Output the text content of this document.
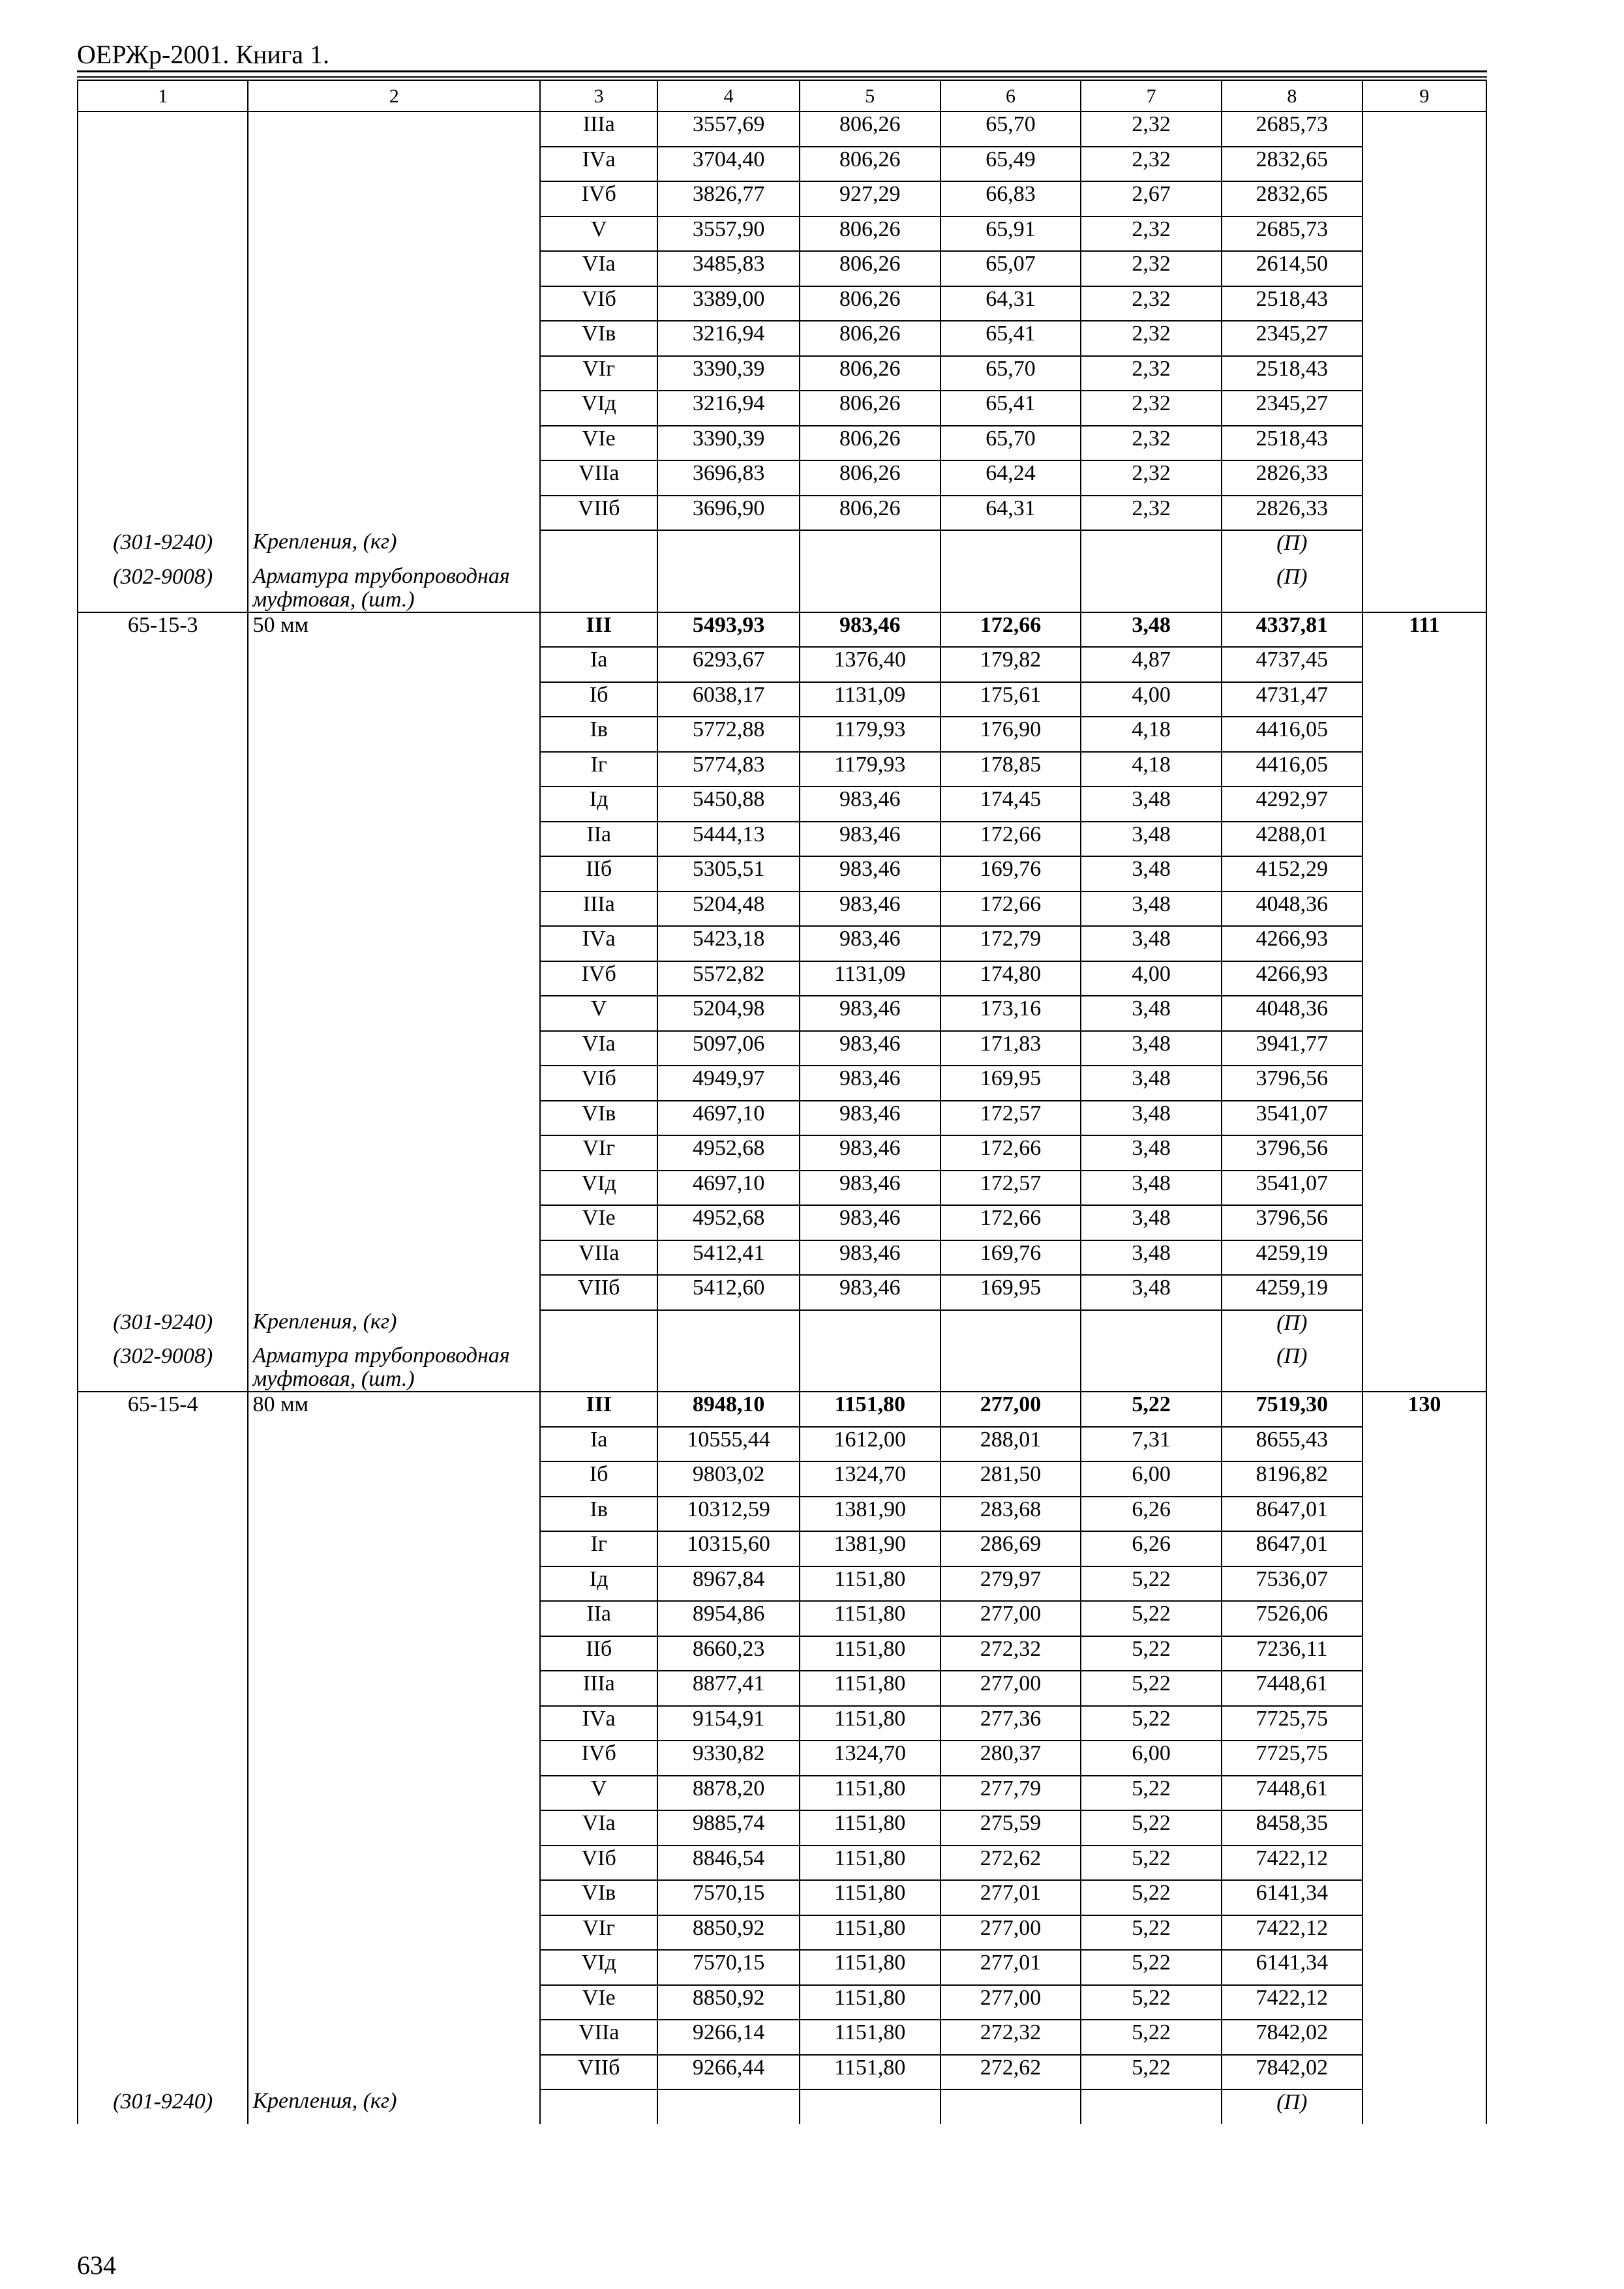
ОЕРЖр-2001. Книга 1.
1	2	3	4	5	6	7	8	9
		IIIа	3557,69	806,26	65,70	2,32	2685,73	
		IVа	3704,40	806,26	65,49	2,32	2832,65	
		IVб	3826,77	927,29	66,83	2,67	2832,65	
		V	3557,90	806,26	65,91	2,32	2685,73	
		VIа	3485,83	806,26	65,07	2,32	2614,50	
		VIб	3389,00	806,26	64,31	2,32	2518,43	
		VIв	3216,94	806,26	65,41	2,32	2345,27	
		VIг	3390,39	806,26	65,70	2,32	2518,43	
		VIд	3216,94	806,26	65,41	2,32	2345,27	
		VIе	3390,39	806,26	65,70	2,32	2518,43	
		VIIа	3696,83	806,26	64,24	2,32	2826,33	
		VIIб	3696,90	806,26	64,31	2,32	2826,33	
(301-9240)	Крепления, (кг)						(П)	
(302-9008)	Арматура трубопроводная муфтовая, (шт.)						(П)	
65-15-3	50 мм	III	5493,93	983,46	172,66	3,48	4337,81	111
		Iа	6293,67	1376,40	179,82	4,87	4737,45	
		Iб	6038,17	1131,09	175,61	4,00	4731,47	
		Iв	5772,88	1179,93	176,90	4,18	4416,05	
		Iг	5774,83	1179,93	178,85	4,18	4416,05	
		Iд	5450,88	983,46	174,45	3,48	4292,97	
		IIа	5444,13	983,46	172,66	3,48	4288,01	
		IIб	5305,51	983,46	169,76	3,48	4152,29	
		IIIа	5204,48	983,46	172,66	3,48	4048,36	
		IVа	5423,18	983,46	172,79	3,48	4266,93	
		IVб	5572,82	1131,09	174,80	4,00	4266,93	
		V	5204,98	983,46	173,16	3,48	4048,36	
		VIа	5097,06	983,46	171,83	3,48	3941,77	
		VIб	4949,97	983,46	169,95	3,48	3796,56	
		VIв	4697,10	983,46	172,57	3,48	3541,07	
		VIг	4952,68	983,46	172,66	3,48	3796,56	
		VIд	4697,10	983,46	172,57	3,48	3541,07	
		VIе	4952,68	983,46	172,66	3,48	3796,56	
		VIIа	5412,41	983,46	169,76	3,48	4259,19	
		VIIб	5412,60	983,46	169,95	3,48	4259,19	
(301-9240)	Крепления, (кг)						(П)	
(302-9008)	Арматура трубопроводная муфтовая, (шт.)						(П)	
65-15-4	80 мм	III	8948,10	1151,80	277,00	5,22	7519,30	130
		Iа	10555,44	1612,00	288,01	7,31	8655,43	
		Iб	9803,02	1324,70	281,50	6,00	8196,82	
		Iв	10312,59	1381,90	283,68	6,26	8647,01	
		Iг	10315,60	1381,90	286,69	6,26	8647,01	
		Iд	8967,84	1151,80	279,97	5,22	7536,07	
		IIа	8954,86	1151,80	277,00	5,22	7526,06	
		IIб	8660,23	1151,80	272,32	5,22	7236,11	
		IIIа	8877,41	1151,80	277,00	5,22	7448,61	
		IVа	9154,91	1151,80	277,36	5,22	7725,75	
		IVб	9330,82	1324,70	280,37	6,00	7725,75	
		V	8878,20	1151,80	277,79	5,22	7448,61	
		VIа	9885,74	1151,80	275,59	5,22	8458,35	
		VIб	8846,54	1151,80	272,62	5,22	7422,12	
		VIв	7570,15	1151,80	277,01	5,22	6141,34	
		VIг	8850,92	1151,80	277,00	5,22	7422,12	
		VIд	7570,15	1151,80	277,01	5,22	6141,34	
		VIе	8850,92	1151,80	277,00	5,22	7422,12	
		VIIа	9266,14	1151,80	272,32	5,22	7842,02	
		VIIб	9266,44	1151,80	272,62	5,22	7842,02	
(301-9240)	Крепления, (кг)						(П)	
634
